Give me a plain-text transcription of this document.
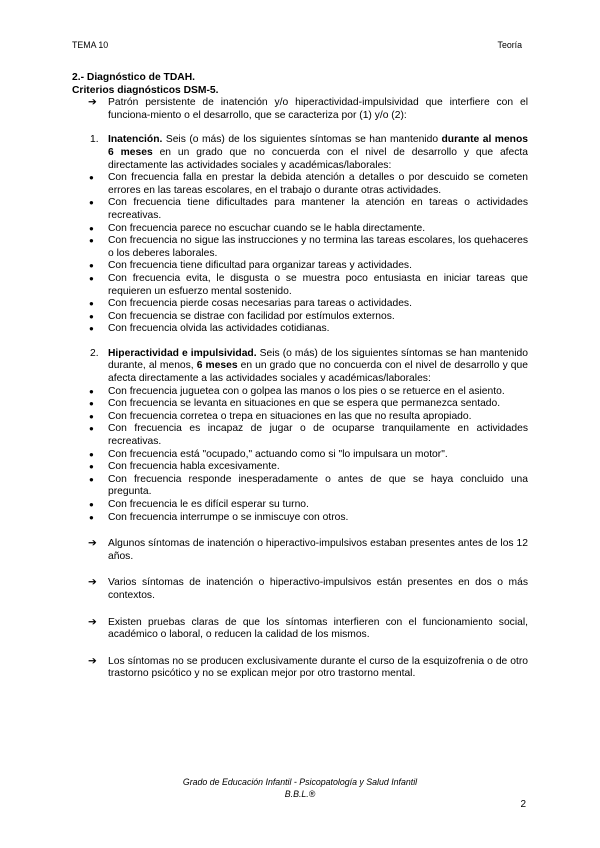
TEMA 10	Teoría
2.- Diagnóstico de TDAH.
Criterios diagnósticos DSM-5.
➔ Patrón persistente de inatención y/o hiperactividad-impulsividad que interfiere con el funciona-miento o el desarrollo, que se caracteriza por (1) y/o (2):
1. Inatención. Seis (o más) de los siguientes síntomas se han mantenido durante al menos 6 meses en un grado que no concuerda con el nivel de desarrollo y que afecta directamente las actividades sociales y académicas/laborales:
● Con frecuencia falla en prestar la debida atención a detalles o por descuido se cometen errores en las tareas escolares, en el trabajo o durante otras actividades.
● Con frecuencia tiene dificultades para mantener la atención en tareas o actividades recreativas.
● Con frecuencia parece no escuchar cuando se le habla directamente.
● Con frecuencia no sigue las instrucciones y no termina las tareas escolares, los quehaceres o los deberes laborales.
● Con frecuencia tiene dificultad para organizar tareas y actividades.
● Con frecuencia evita, le disgusta o se muestra poco entusiasta en iniciar tareas que requieren un esfuerzo mental sostenido.
● Con frecuencia pierde cosas necesarias para tareas o actividades.
● Con frecuencia se distrae con facilidad por estímulos externos.
● Con frecuencia olvida las actividades cotidianas.
2. Hiperactividad e impulsividad. Seis (o más) de los siguientes síntomas se han mantenido durante, al menos, 6 meses en un grado que no concuerda con el nivel de desarrollo y que afecta directamente a las actividades sociales y académicas/laborales:
● Con frecuencia juguetea con o golpea las manos o los pies o se retuerce en el asiento.
● Con frecuencia se levanta en situaciones en que se espera que permanezca sentado.
● Con frecuencia corretea o trepa en situaciones en las que no resulta apropiado.
● Con frecuencia es incapaz de jugar o de ocuparse tranquilamente en actividades recreativas.
● Con frecuencia está "ocupado," actuando como si "lo impulsara un motor".
● Con frecuencia habla excesivamente.
● Con frecuencia responde inesperadamente o antes de que se haya concluido una pregunta.
● Con frecuencia le es difícil esperar su turno.
● Con frecuencia interrumpe o se inmiscuye con otros.
➔ Algunos síntomas de inatención o hiperactivo-impulsivos estaban presentes antes de los 12 años.
➔ Varios síntomas de inatención o hiperactivo-impulsivos están presentes en dos o más contextos.
➔ Existen pruebas claras de que los síntomas interfieren con el funcionamiento social, académico o laboral, o reducen la calidad de los mismos.
➔ Los síntomas no se producen exclusivamente durante el curso de la esquizofrenia o de otro trastorno psicótico y no se explican mejor por otro trastorno mental.
Grado de Educación Infantil - Psicopatología y Salud Infantil
B.B.L.®
2
